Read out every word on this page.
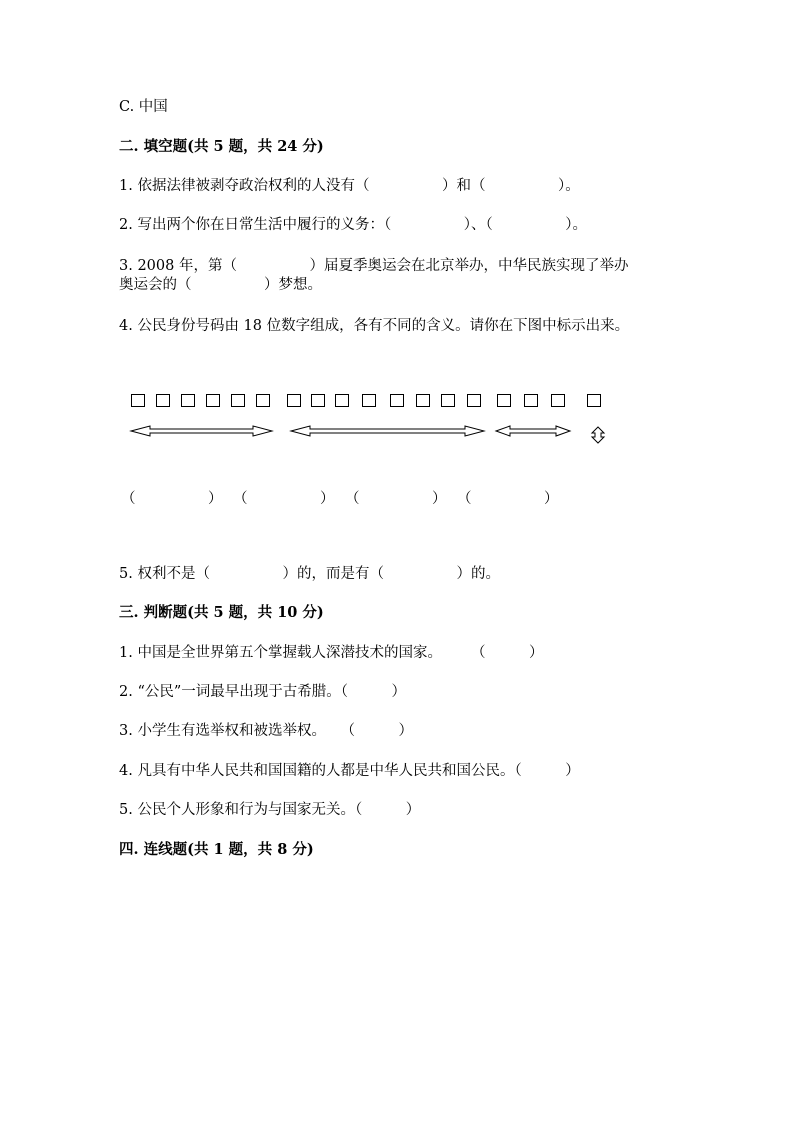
C. 中国
二. 填空题(共 5 题，共 24 分)
1. 依据法律被剥夺政治权利的人没有（　　　　　）和（　　　　　）。
2. 写出两个你在日常生活中履行的义务：（　　　　　）、（　　　　　）。
3. 2008 年，第（　　　　　）届夏季奥运会在北京举办，中华民族实现了举办
奥运会的（　　　　　）梦想。
4. 公民身份号码由 18 位数字组成，各有不同的含义。请你在下图中标示出来。
（　　　　　） （　　　　　） （　　　　　） （　　　　　）
5. 权利不是（　　　　　）的，而是有（　　　　　）的。
三. 判断题(共 5 题，共 10 分)
1. 中国是全世界第五个掌握载人深潜技术的国家。　　　（　　　）
2. “公民”一词最早出现于古希腊。（　　　）
3. 小学生有选举权和被选举权。　　（　　　）
4. 凡具有中华人民共和国国籍的人都是中华人民共和国公民。（　　　）
5. 公民个人形象和行为与国家无关。（　　　）
四. 连线题(共 1 题，共 8 分)
